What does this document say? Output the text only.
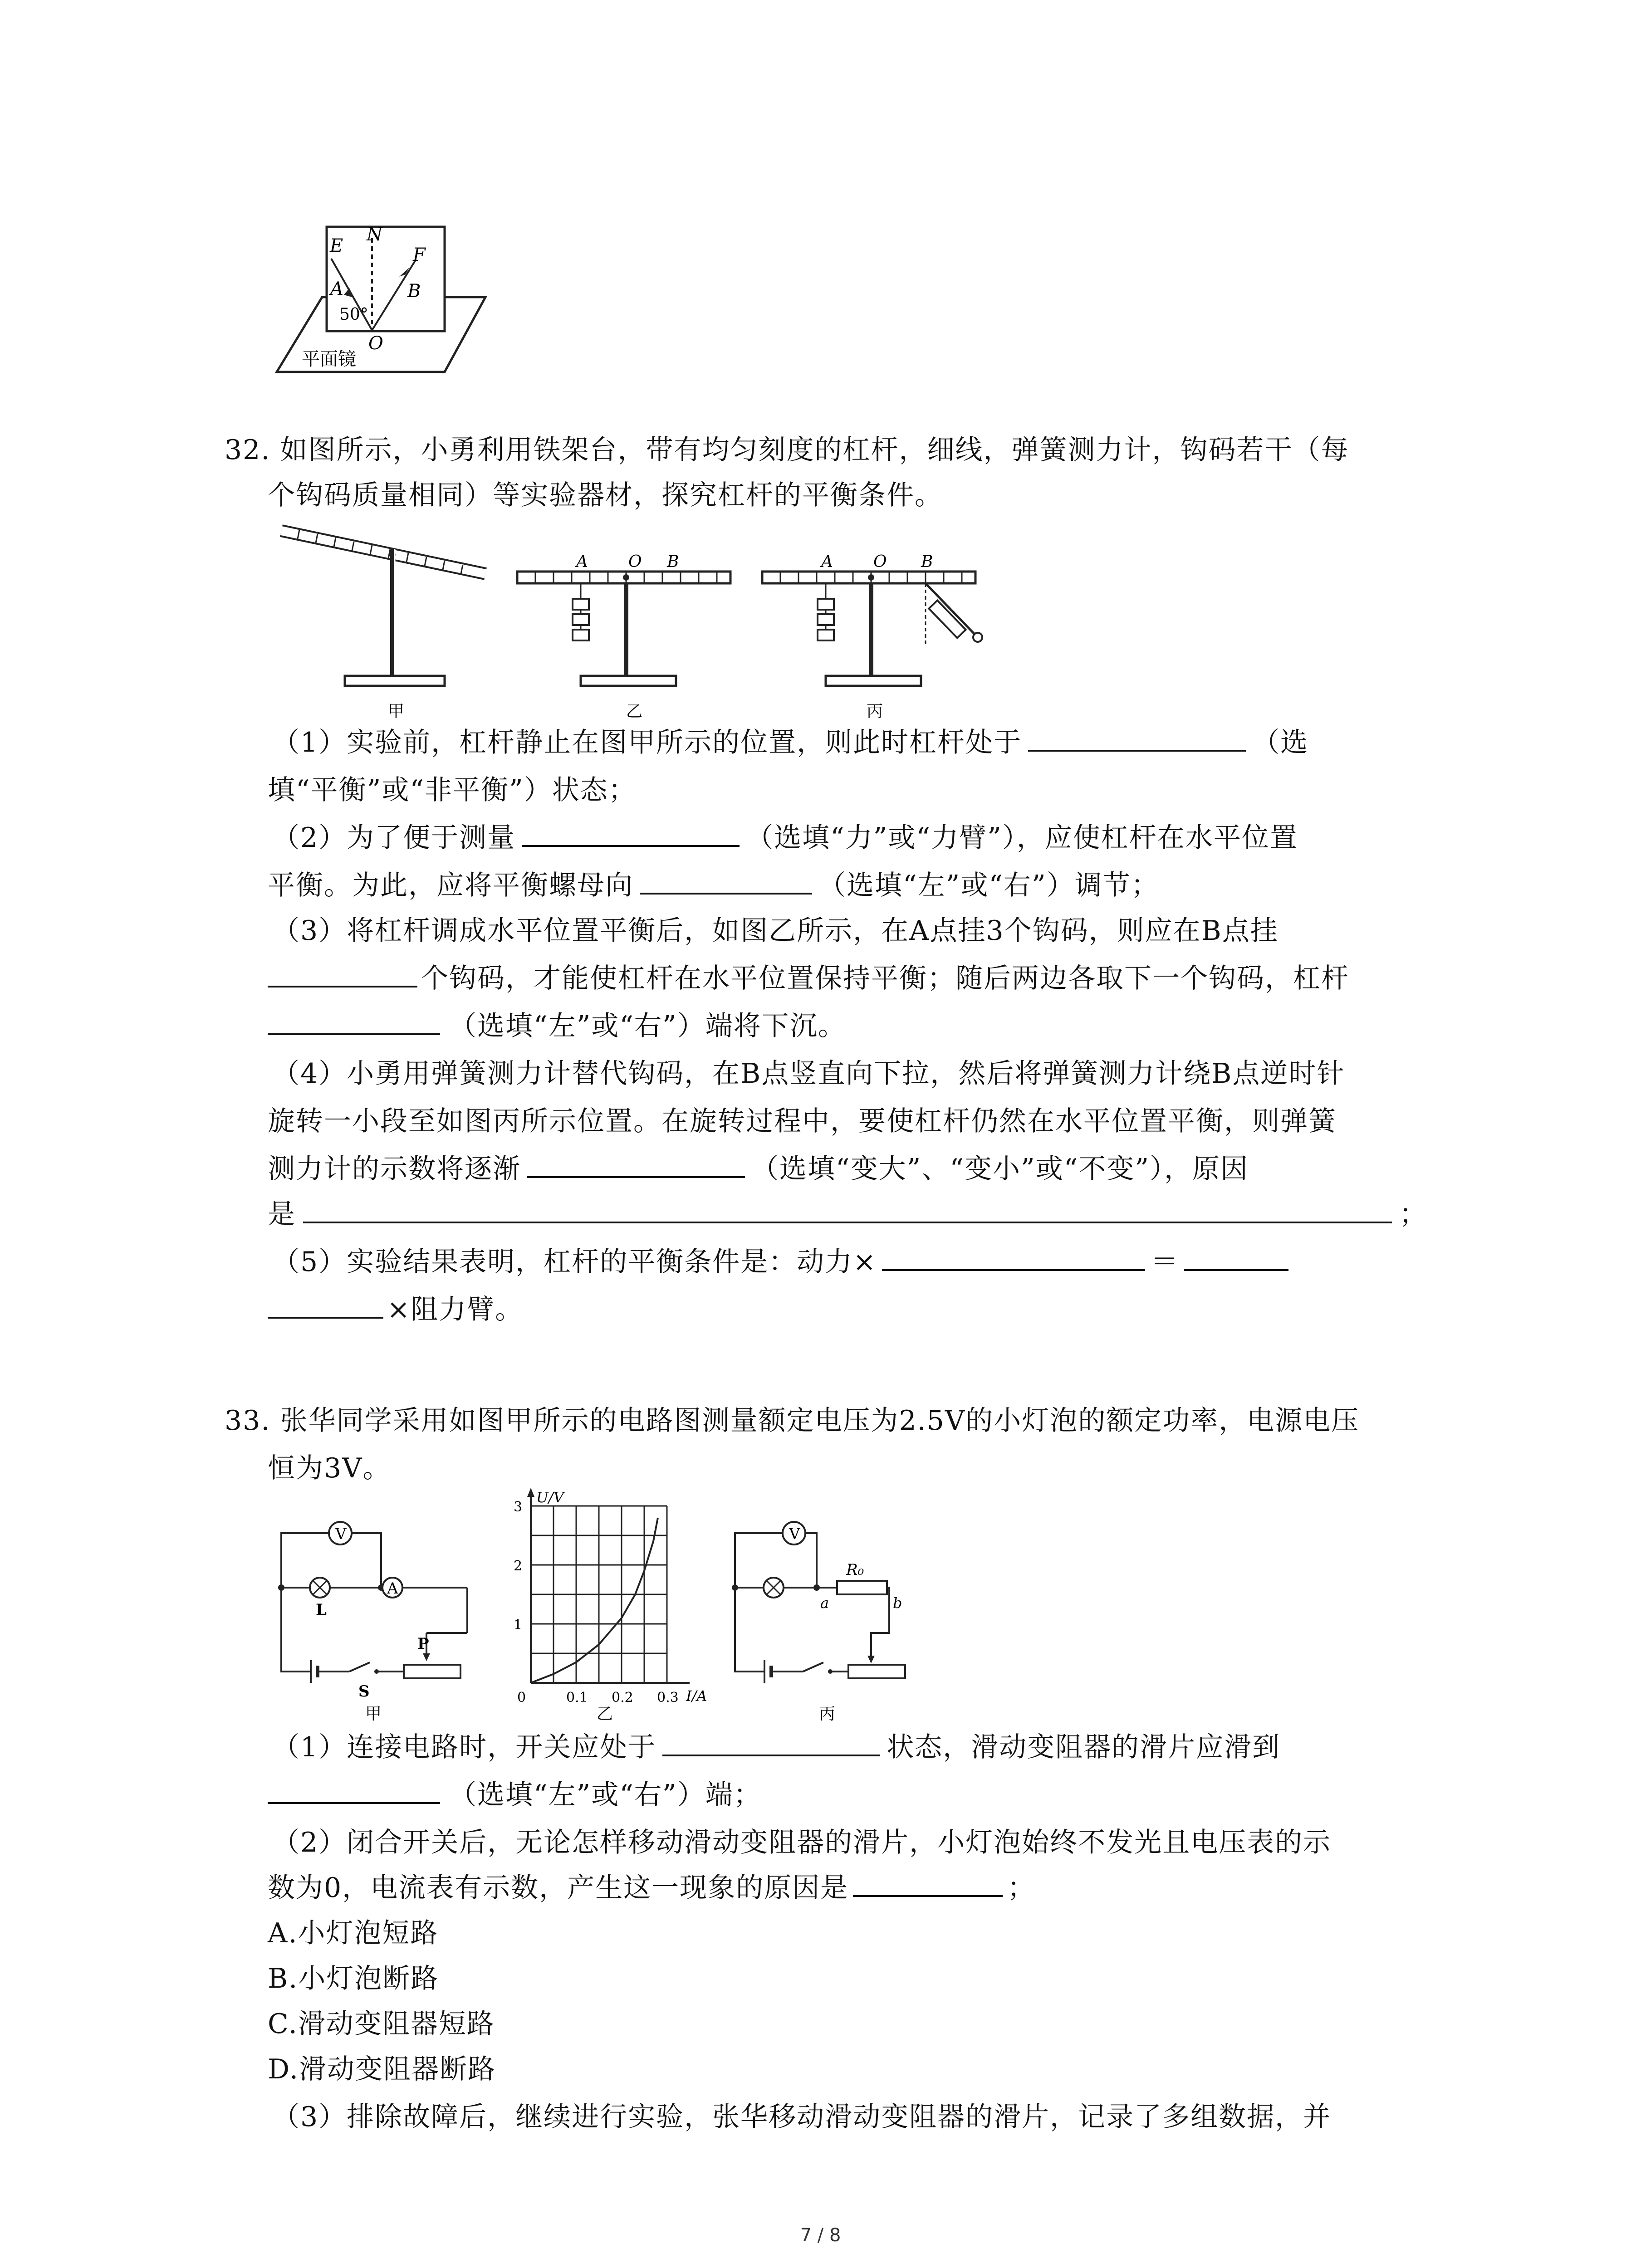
E
N
F
A	B
O
50°
平面镜
32. 如图所示，小勇利用铁架台，带有均匀刻度的杠杆，细线，弹簧测力计，钩码若干（每
个钩码质量相同）等实验器材，探究杠杆的平衡条件。
A O B	A O B
甲	乙	丙
（1）实验前，杠杆静止在图甲所示的位置，则此时杠杆处于	（选
填“平衡”或“非平衡”）状态；
（2）为了便于测量	（选填“力”或“力臂”），应使杠杆在水平位置
平衡。为此，应将平衡螺母向	（选填“左”或“右”）调节；
（3）将杠杆调成水平位置平衡后，如图乙所示，在A点挂3个钩码，则应在B点挂
个钩码，才能使杠杆在水平位置保持平衡；随后两边各取下一个钩码，杠杆
（选填“左”或“右”）端将下沉。
（4）小勇用弹簧测力计替代钩码，在B点竖直向下拉，然后将弹簧测力计绕B点逆时针
旋转一小段至如图丙所示位置。在旋转过程中，要使杠杆仍然在水平位置平衡，则弹簧
测力计的示数将逐渐	（选填“变大”、“变小”或“不变”），原因
是	；
（5）实验结果表明，杠杆的平衡条件是：动力×	＝
×阻力臂。
33. 张华同学采用如图甲所示的电路图测量额定电压为2.5V的小灯泡的额定功率，电源电压
恒为3V。
V
A
L
P
S
甲
0	0.1 0.2 0.3
1
2
3
U/V
I/A
乙
V
R₀
a	b
丙
（1）连接电路时，开关应处于	状态，滑动变阻器的滑片应滑到
（选填“左”或“右”）端；
（2）闭合开关后，无论怎样移动滑动变阻器的滑片，小灯泡始终不发光且电压表的示
数为0，电流表有示数，产生这一现象的原因是	；
A.小灯泡短路
B.小灯泡断路
C.滑动变阻器短路
D.滑动变阻器断路
（3）排除故障后，继续进行实验，张华移动滑动变阻器的滑片，记录了多组数据，并
7 / 8
